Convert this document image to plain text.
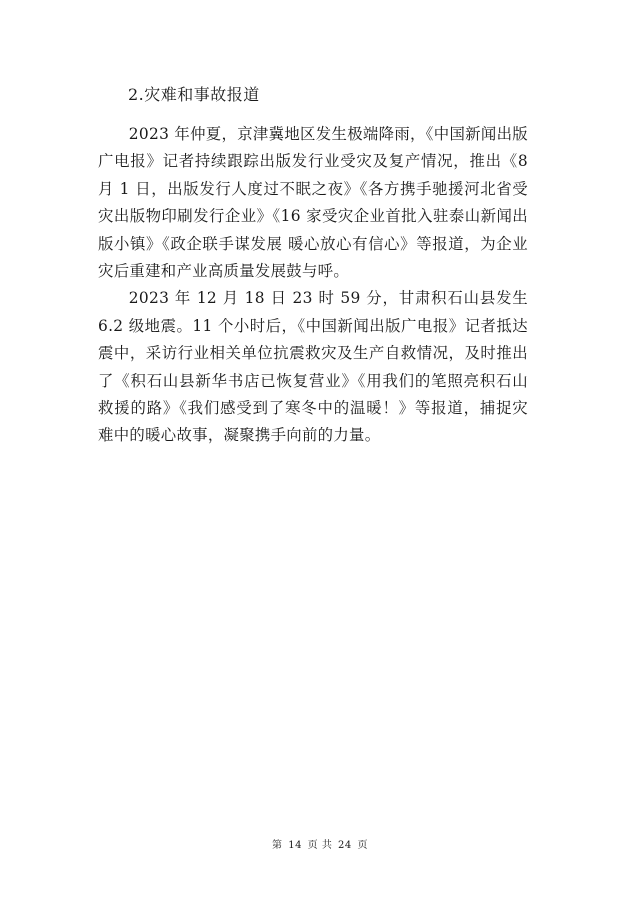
2.灾难和事故报道

2023 年仲夏，京津冀地区发生极端降雨，《中国新闻出版广电报》记者持续跟踪出版发行业受灾及复产情况，推出《8 月 1 日，出版发行人度过不眠之夜》《各方携手驰援河北省受灾出版物印刷发行企业》《16 家受灾企业首批入驻泰山新闻出版小镇》《政企联手谋发展 暖心放心有信心》等报道，为企业灾后重建和产业高质量发展鼓与呼。

2023 年 12 月 18 日 23 时 59 分，甘肃积石山县发生 6.2 级地震。11 个小时后，《中国新闻出版广电报》记者抵达震中，采访行业相关单位抗震救灾及生产自救情况，及时推出了《积石山县新华书店已恢复营业》《用我们的笔照亮积石山救援的路》《我们感受到了寒冬中的温暖！》等报道，捕捉灾难中的暖心故事，凝聚携手向前的力量。

第 14 页 共 24 页
